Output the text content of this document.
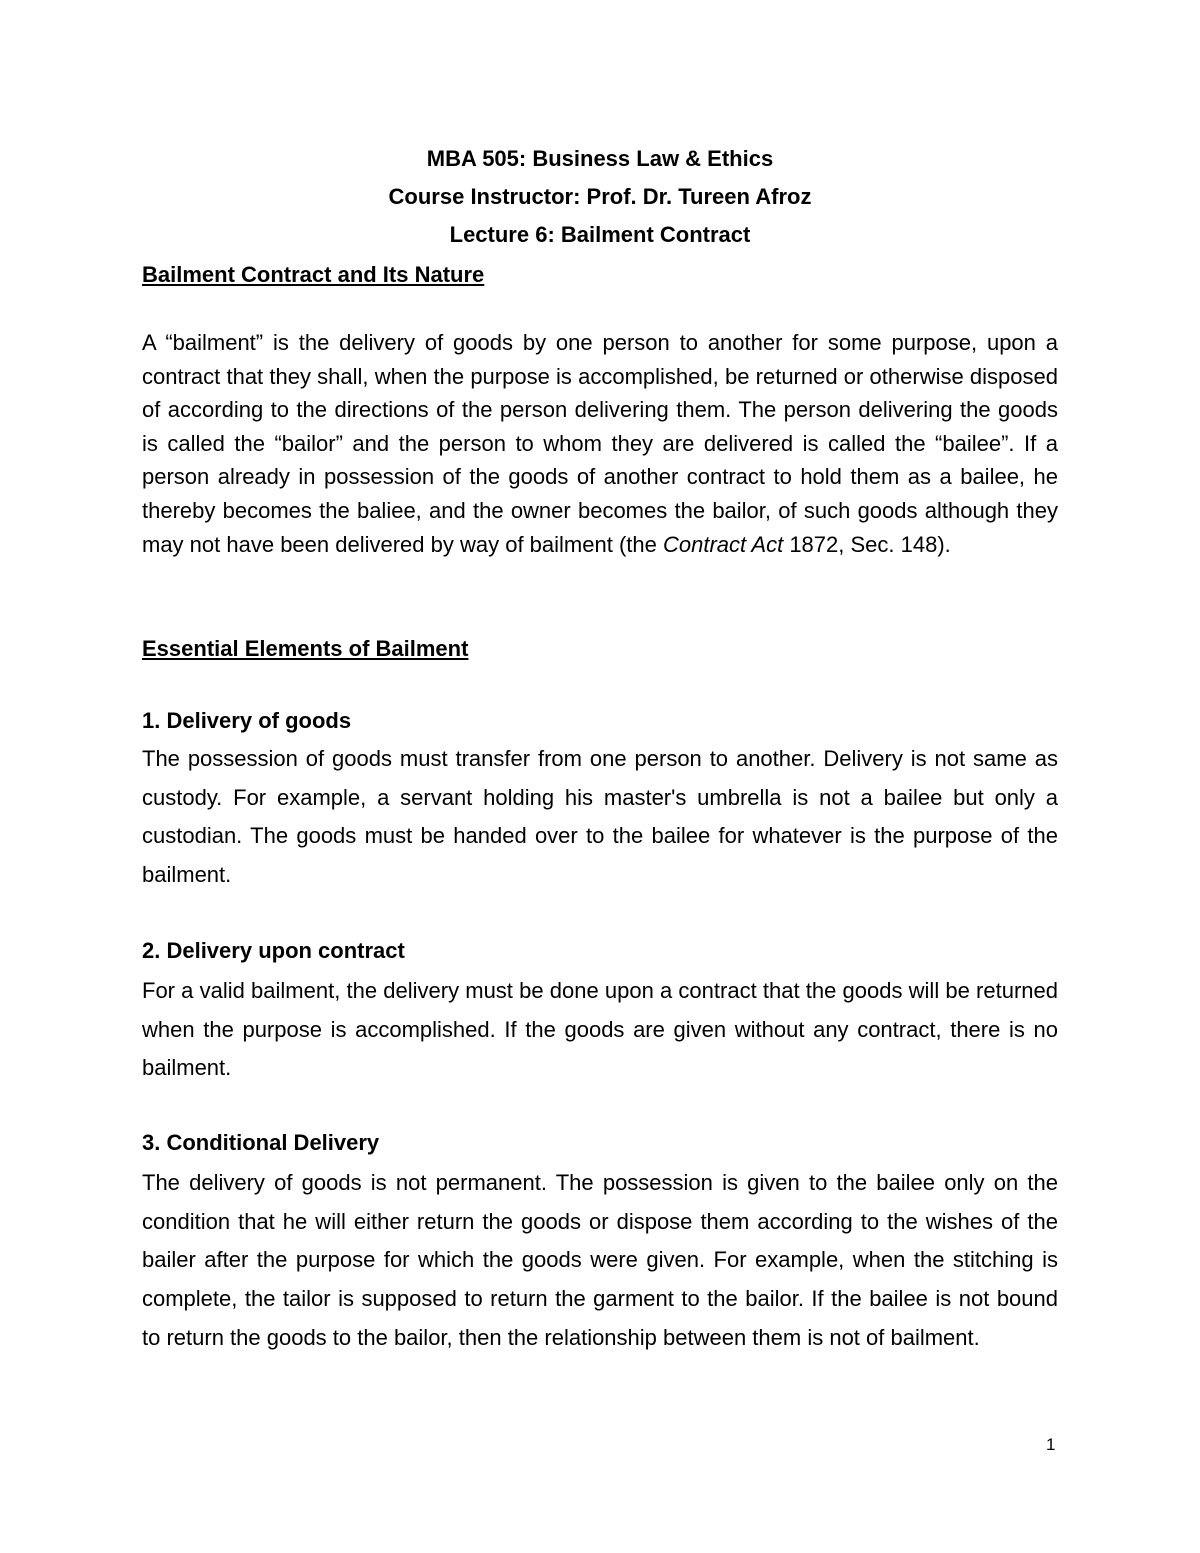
MBA 505: Business Law & Ethics
Course Instructor: Prof. Dr. Tureen Afroz
Lecture 6: Bailment Contract
Bailment Contract and Its Nature

A “bailment” is the delivery of goods by one person to another for some purpose, upon a contract that they shall, when the purpose is accomplished, be returned or otherwise disposed of according to the directions of the person delivering them. The person delivering the goods is called the “bailor” and the person to whom they are delivered is called the “bailee”. If a person already in possession of the goods of another contract to hold them as a bailee, he thereby becomes the baliee, and the owner becomes the bailor, of such goods although they may not have been delivered by way of bailment (the Contract Act 1872, Sec. 148).

Essential Elements of Bailment
1. Delivery of goods

The possession of goods must transfer from one person to another. Delivery is not same as custody. For example, a servant holding his master's umbrella is not a bailee but only a custodian. The goods must be handed over to the bailee for whatever is the purpose of the bailment.

2. Delivery upon contract

For a valid bailment, the delivery must be done upon a contract that the goods will be returned when the purpose is accomplished. If the goods are given without any contract, there is no bailment.

3. Conditional Delivery

The delivery of goods is not permanent. The possession is given to the bailee only on the condition that he will either return the goods or dispose them according to the wishes of the bailer after the purpose for which the goods were given. For example, when the stitching is complete, the tailor is supposed to return the garment to the bailor. If the bailee is not bound to return the goods to the bailor, then the relationship between them is not of bailment.

1
